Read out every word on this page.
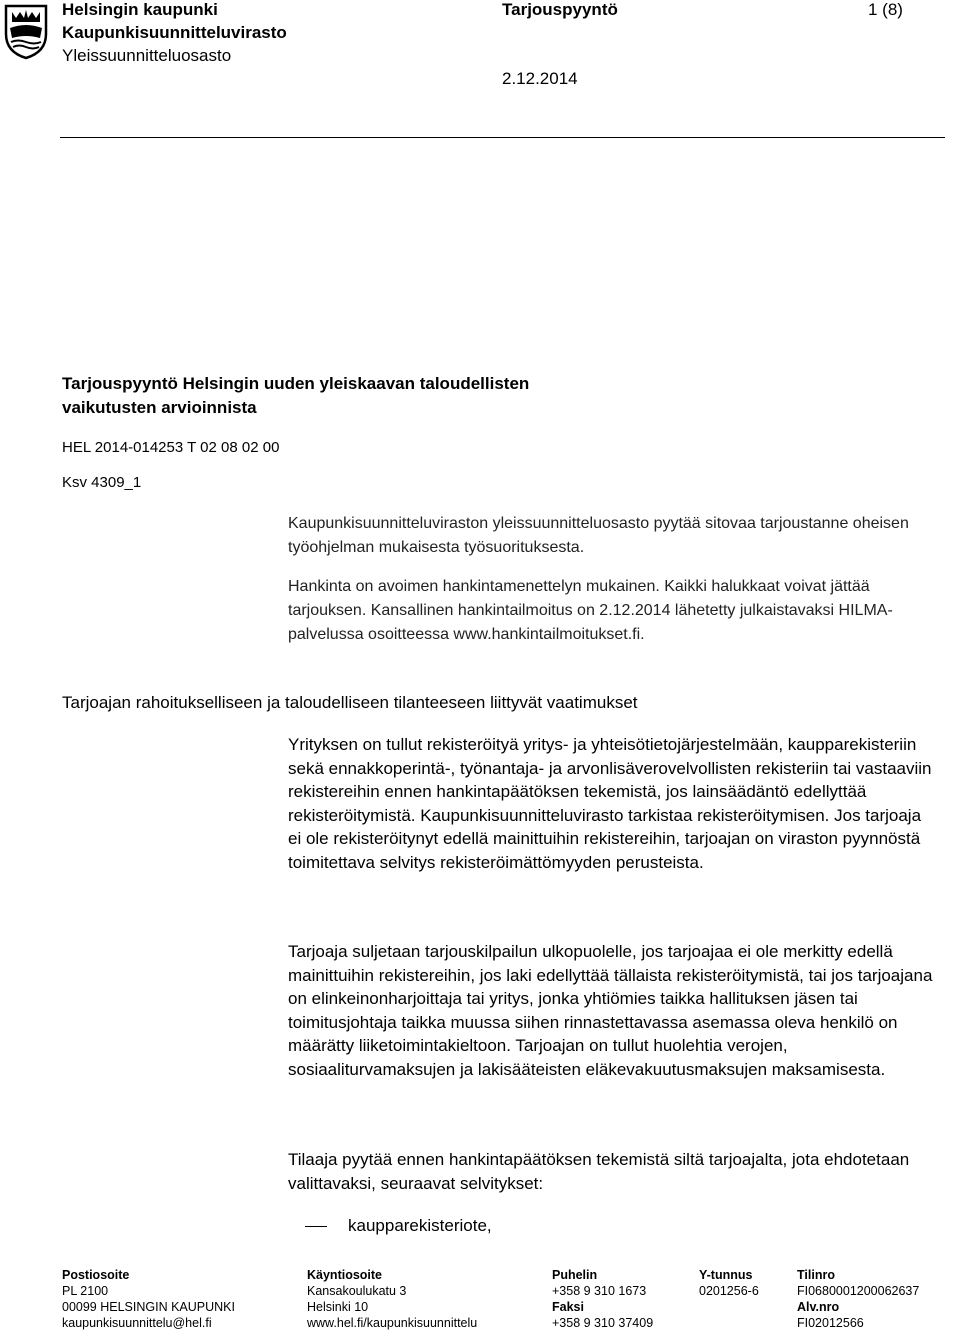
Helsingin kaupunki
Kaupunkisuunnitteluvirasto
Yleissuunnitteluosasto
Tarjouspyyntö	1 (8)
2.12.2014
Tarjouspyyntö Helsingin uuden yleiskaavan taloudellisten
vaikutusten arvioinnista
HEL 2014-014253 T 02 08 02 00
Ksv 4309_1

Kaupunkisuunnitteluviraston yleissuunnitteluosasto pyytää sitovaa tarjoustanne oheisen työohjelman mukaisesta työsuorituksesta.

Hankinta on avoimen hankintamenettelyn mukainen. Kaikki halukkaat voivat jättää tarjouksen. Kansallinen hankintailmoitus on 2.12.2014 lähetetty julkaistavaksi HILMA-palvelussa osoitteessa www.hankintailmoitukset.fi.

Tarjoajan rahoitukselliseen ja taloudelliseen tilanteeseen liittyvät vaatimukset

Yrityksen on tullut rekisteröityä yritys- ja yhteisötietojärjestelmään, kaupparekisteriin sekä ennakkoperintä-, työnantaja- ja arvonlisäverovelvollisten rekisteriin tai vastaaviin rekistereihin ennen hankintapäätöksen tekemistä, jos lainsäädäntö edellyttää rekisteröitymistä. Kaupunkisuunnitteluvirasto tarkistaa rekisteröitymisen. Jos tarjoaja ei ole rekisteröitynyt edellä mainittuihin rekistereihin, tarjoajan on viraston pyynnöstä toimitettava selvitys rekisteröimättömyyden perusteista.

Tarjoaja suljetaan tarjouskilpailun ulkopuolelle, jos tarjoajaa ei ole merkitty edellä mainittuihin rekistereihin, jos laki edellyttää tällaista rekisteröitymistä, tai jos tarjoajana on elinkeinonharjoittaja tai yritys, jonka yhtiömies taikka hallituksen jäsen tai toimitusjohtaja taikka muussa siihen rinnastettavassa asemassa oleva henkilö on määrätty liiketoimintakieltoon. Tarjoajan on tullut huolehtia verojen, sosiaaliturvamaksujen ja lakisääteisten eläkevakuutusmaksujen maksamisesta.

Tilaaja pyytää ennen hankintapäätöksen tekemistä siltä tarjoajalta, jota ehdotetaan valittavaksi, seuraavat selvitykset:

kaupparekisteriote,
Postiosoite
PL 2100
00099 HELSINGIN KAUPUNKI
kaupunkisuunnittelu@hel.fi
Käyntiosoite
Kansakoulukatu 3
Helsinki 10
www.hel.fi/kaupunkisuunnittelu
Puhelin
+358 9 310 1673
Faksi
+358 9 310 37409
Y-tunnus
0201256-6
Tilinro
FI0680001200062637
Alv.nro
FI02012566
